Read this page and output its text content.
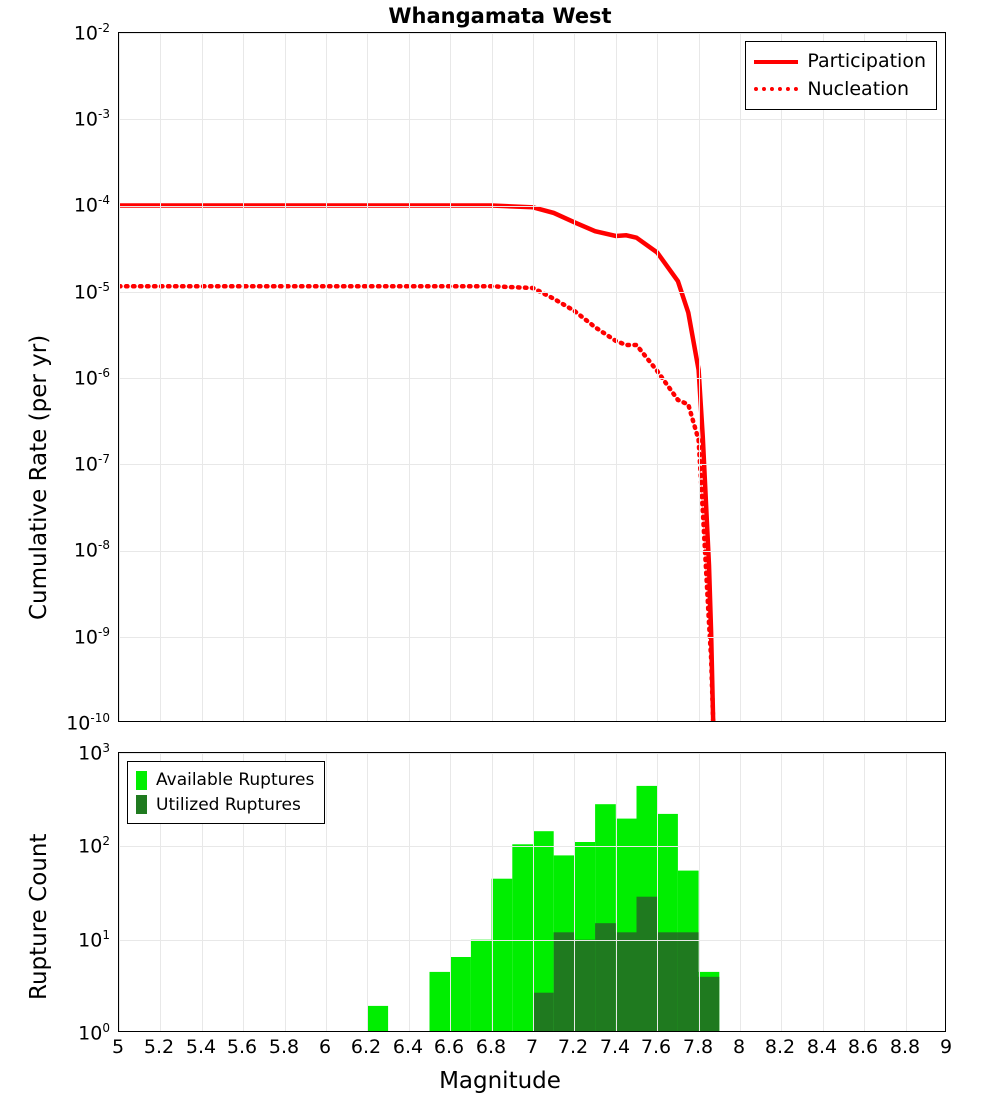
Whangamata West
Participation
Nucleation
$10^{-2}$
$10^{-3}$
$10^{-4}$
$10^{-5}$
$10^{-6}$
$10^{-7}$
$10^{-8}$
$10^{-9}$
$10^{-10}$
Cumulative Rate (per yr)
Available Ruptures
Utilized Ruptures
$10^3$
$10^2$
$10^1$
$10^0$
Rupture Count
5	5.2 5.4 5.6 5.8	6	6.2 6.4 6.6 6.8	7	7.2 7.4 7.6 7.8	8	8.2 8.4 8.6 8.8	9
Magnitude
